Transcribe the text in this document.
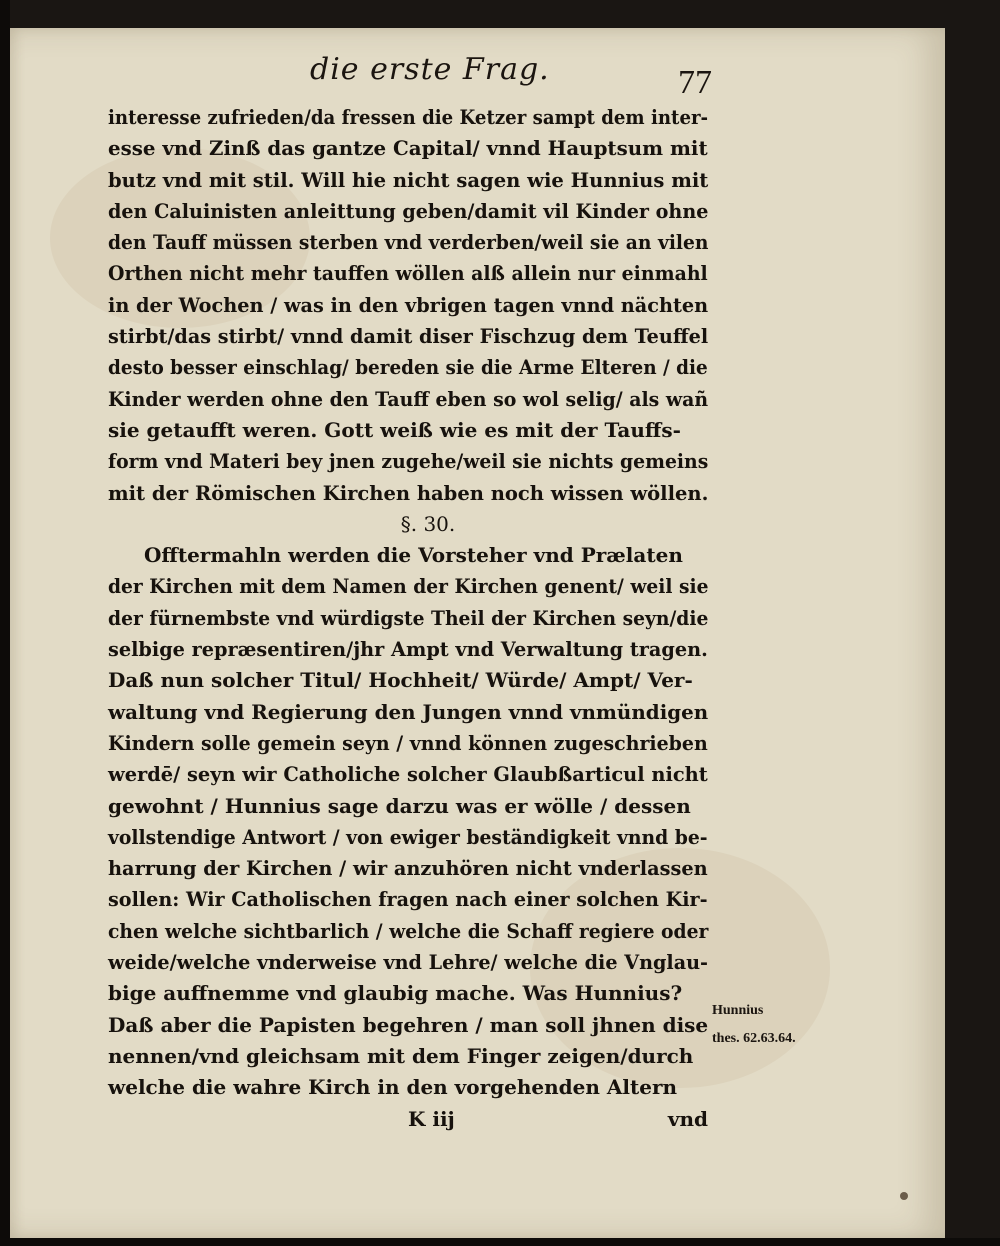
die erste Frag.	77
interesse zufrieden/da fressen die Ketzer sampt dem inter-
esse vnd Zinß das gantze Capital/ vnnd Hauptsum mit
butz vnd mit stil. Will hie nicht sagen wie Hunnius mit
den Caluinisten anleittung geben/damit vil Kinder ohne
den Tauff müssen sterben vnd verderben/weil sie an vilen
Orthen nicht mehr tauffen wöllen alß allein nur einmahl
in der Wochen / was in den vbrigen tagen vnnd nächten
stirbt/das stirbt/ vnnd damit diser Fischzug dem Teuffel
desto besser einschlag/ bereden sie die Arme Elteren / die
Kinder werden ohne den Tauff eben so wol selig/ als wañ
sie getaufft weren. Gott weiß wie es mit der Tauffs-
form vnd Materi bey jnen zugehe/weil sie nichts gemeins
mit der Römischen Kirchen haben noch wissen wöllen.
§. 30.
Offtermahln werden die Vorsteher vnd Prælaten
der Kirchen mit dem Namen der Kirchen genent/ weil sie
der fürnembste vnd würdigste Theil der Kirchen seyn/die
selbige repræsentiren/jhr Ampt vnd Verwaltung tragen.
Daß nun solcher Titul/ Hochheit/ Würde/ Ampt/ Ver-
waltung vnd Regierung den Jungen vnnd vnmündigen
Kindern solle gemein seyn / vnnd können zugeschrieben
werdē/ seyn wir Catholiche solcher Glaubßarticul nicht
gewohnt / Hunnius sage darzu was er wölle / dessen
vollstendige Antwort / von ewiger beständigkeit vnnd be-
harrung der Kirchen / wir anzuhören nicht vnderlassen
sollen: Wir Catholischen fragen nach einer solchen Kir-
chen welche sichtbarlich / welche die Schaff regiere oder
weide/welche vnderweise vnd Lehre/ welche die Vnglau-
bige auffnemme vnd glaubig mache. Was Hunnius?
Daß aber die Papisten begehren / man soll jhnen dise
nennen/vnd gleichsam mit dem Finger zeigen/durch
welche die wahre Kirch in den vorgehenden Altern
K iij	vnd
Hunnius
thes. 62.63.64.
